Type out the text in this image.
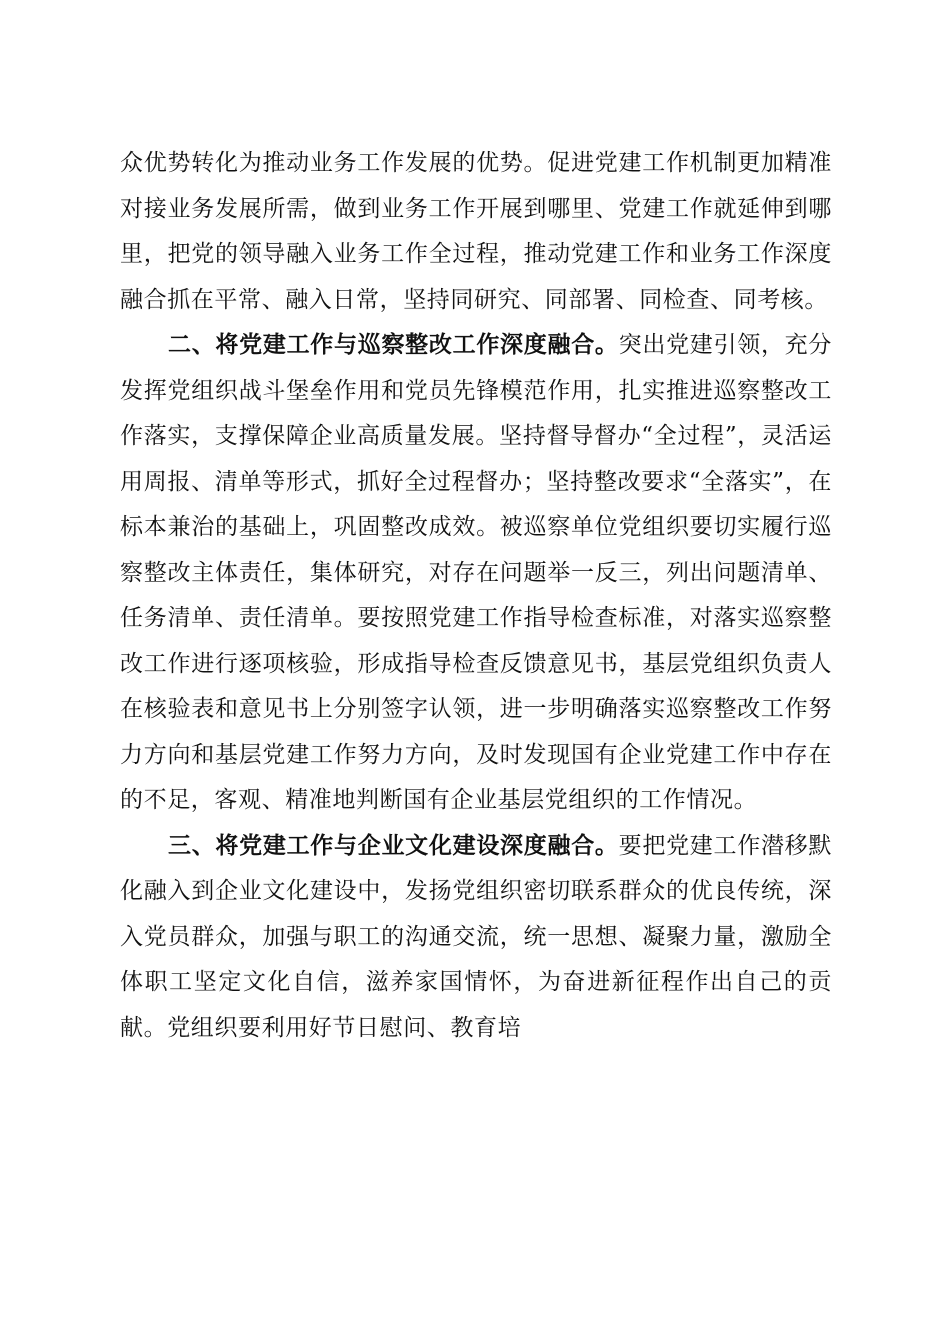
众优势转化为推动业务工作发展的优势。促进党建工作机制更加精准对接业务发展所需，做到业务工作开展到哪里、党建工作就延伸到哪里，把党的领导融入业务工作全过程，推动党建工作和业务工作深度融合抓在平常、融入日常，坚持同研究、同部署、同检查、同考核。

二、将党建工作与巡察整改工作深度融合。突出党建引领，充分发挥党组织战斗堡垒作用和党员先锋模范作用，扎实推进巡察整改工作落实，支撑保障企业高质量发展。坚持督导督办“全过程”，灵活运用周报、清单等形式，抓好全过程督办；坚持整改要求“全落实”，在标本兼治的基础上，巩固整改成效。被巡察单位党组织要切实履行巡察整改主体责任，集体研究，对存在问题举一反三，列出问题清单、任务清单、责任清单。要按照党建工作指导检查标准，对落实巡察整改工作进行逐项核验，形成指导检查反馈意见书，基层党组织负责人在核验表和意见书上分别签字认领，进一步明确落实巡察整改工作努力方向和基层党建工作努力方向，及时发现国有企业党建工作中存在的不足，客观、精准地判断国有企业基层党组织的工作情况。

三、将党建工作与企业文化建设深度融合。要把党建工作潜移默化融入到企业文化建设中，发扬党组织密切联系群众的优良传统，深入党员群众，加强与职工的沟通交流，统一思想、凝聚力量，激励全体职工坚定文化自信，滋养家国情怀，为奋进新征程作出自己的贡献。党组织要利用好节日慰问、教育培
